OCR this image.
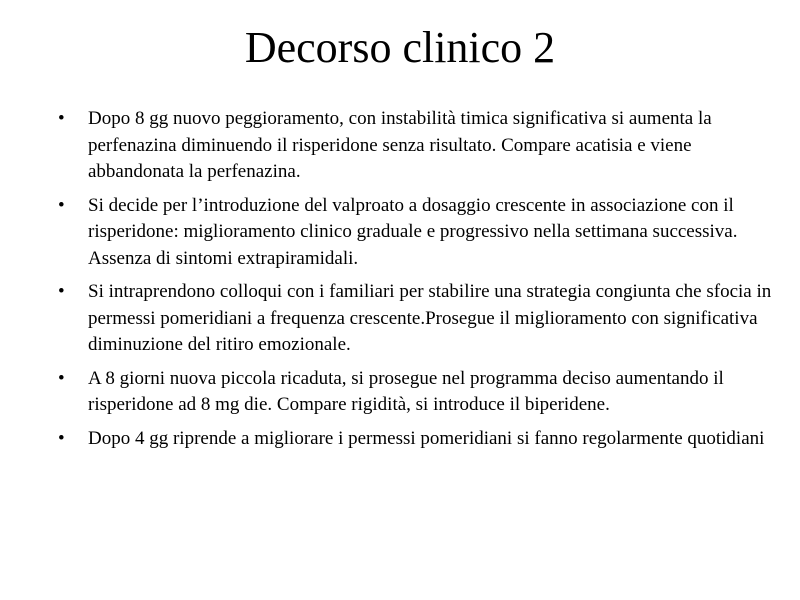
Decorso clinico 2
•	Dopo 8 gg nuovo peggioramento, con instabilità timica significativa si aumenta la perfenazina diminuendo il risperidone senza risultato. Compare acatisia e viene abbandonata la perfenazina.
•	Si decide per l’introduzione del valproato a dosaggio crescente in associazione con il risperidone: miglioramento clinico graduale e progressivo nella settimana successiva. Assenza di sintomi extrapiramidali.
•	Si intraprendono colloqui con i familiari per stabilire una strategia congiunta che sfocia in permessi pomeridiani a frequenza crescente.Prosegue il miglioramento con significativa diminuzione del ritiro emozionale.
•	A 8 giorni nuova piccola ricaduta, si prosegue nel programma deciso aumentando il risperidone ad 8 mg die. Compare rigidità, si introduce il biperidene.
•	Dopo 4 gg riprende a migliorare i permessi pomeridiani si fanno regolarmente quotidiani
